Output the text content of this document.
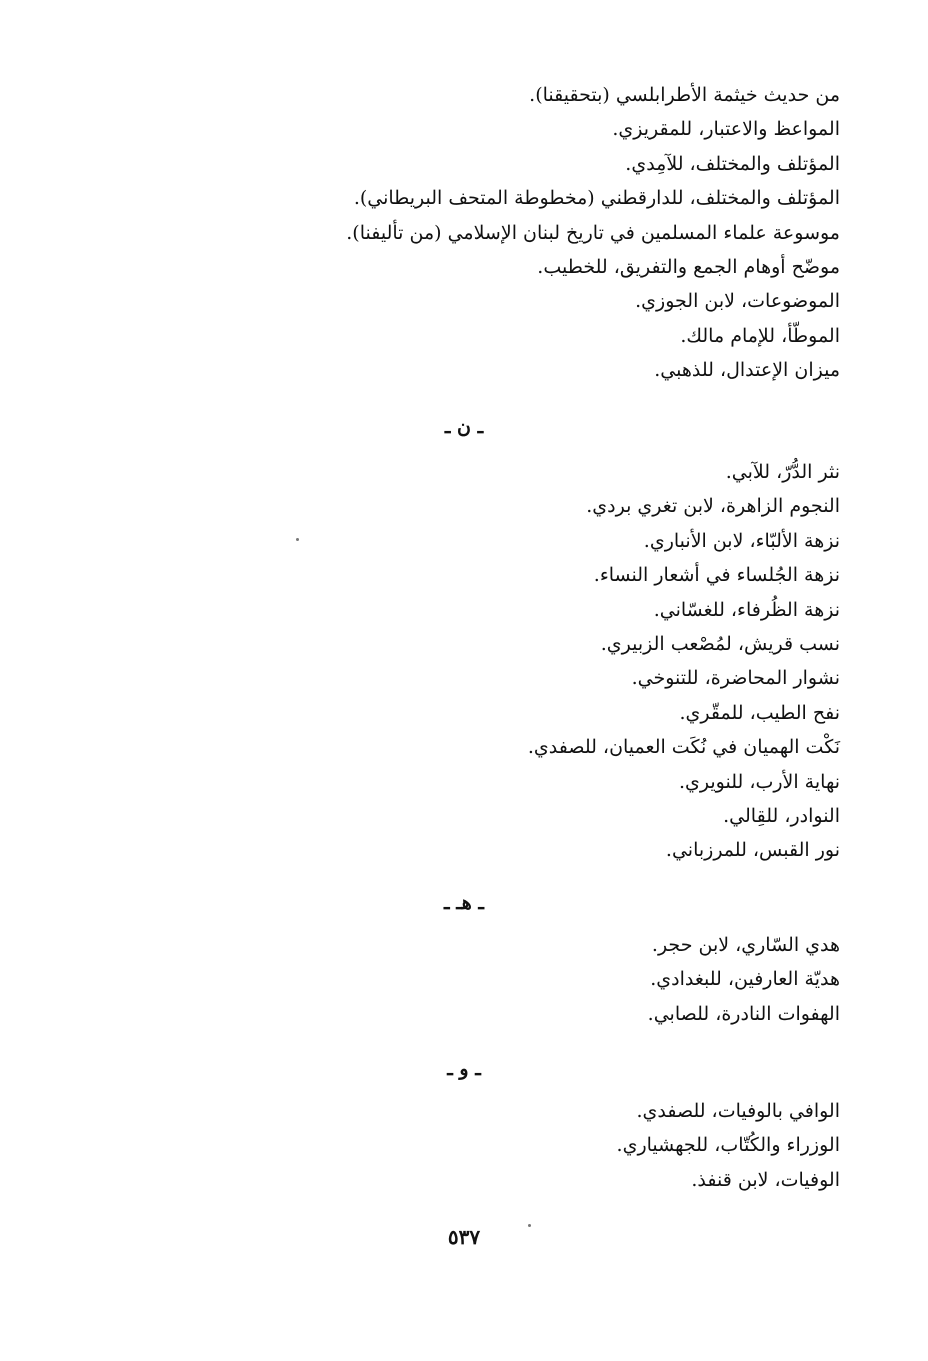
من حديث خيثمة الأطرابلسي (بتحقيقنا).
المواعظ والاعتبار، للمقريزي.
المؤتلف والمختلف، للآمِدي.
المؤتلف والمختلف، للدارقطني (مخطوطة المتحف البريطاني).
موسوعة علماء المسلمين في تاريخ لبنان الإسلامي (من تأليفنا).
موضّح أوهام الجمع والتفريق، للخطيب.
الموضوعات، لابن الجوزي.
الموطّأ، للإمام مالك.
ميزان الإعتدال، للذهبي.
ـ ن ـ
نثر الدُّرّ، للآبي.
النجوم الزاهرة، لابن تغري بردي.
نزهة الألبّاء، لابن الأنباري.
نزهة الجُلساء في أشعار النساء.
نزهة الظُرفاء، للغسّاني.
نسب قريش، لمُصْعب الزبيري.
نشوار المحاضرة، للتنوخي.
نفح الطيب، للمقّري.
نَكْت الهميان في نُكَت العميان، للصفدي.
نهاية الأرب، للنويري.
النوادر، للقِالي.
نور القبس، للمرزباني.
ـ هـ ـ
هدي السّاري، لابن حجر.
هديّة العارفين، للبغدادي.
الهفوات النادرة، للصابي.
ـ و ـ
الوافي بالوفيات، للصفدي.
الوزراء والكُتّاب، للجهشياري.
الوفيات، لابن قنفذ.
٥٣٧
